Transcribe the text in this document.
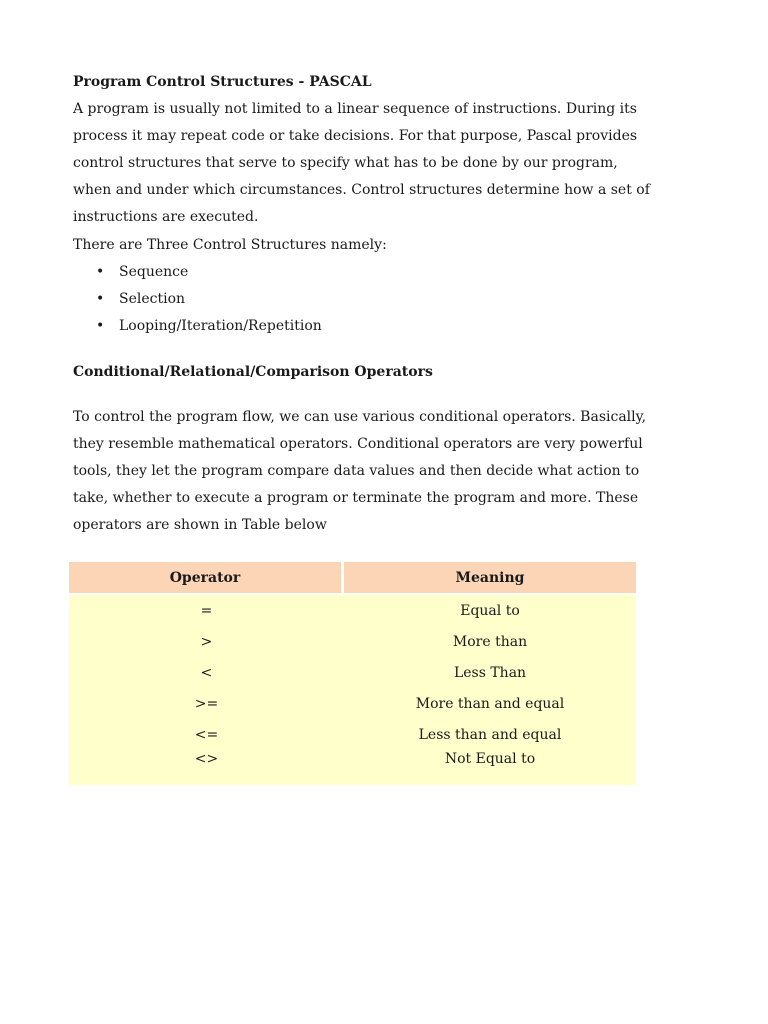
Program Control Structures - PASCAL
A program is usually not limited to a linear sequence of instructions. During its
process it may repeat code or take decisions. For that purpose, Pascal provides
control structures that serve to specify what has to be done by our program,
when and under which circumstances. Control structures determine how a set of
instructions are executed.
There are Three Control Structures namely:
• Sequence
• Selection
• Looping/Iteration/Repetition
Conditional/Relational/Comparison Operators
To control the program flow, we can use various conditional operators. Basically,
they resemble mathematical operators. Conditional operators are very powerful
tools, they let the program compare data values and then decide what action to
take, whether to execute a program or terminate the program and more. These
operators are shown in Table below
Operator	Meaning
=	Equal to
>	More than
<	Less Than
>=	More than and equal
<=	Less than and equal
<>	Not Equal to
